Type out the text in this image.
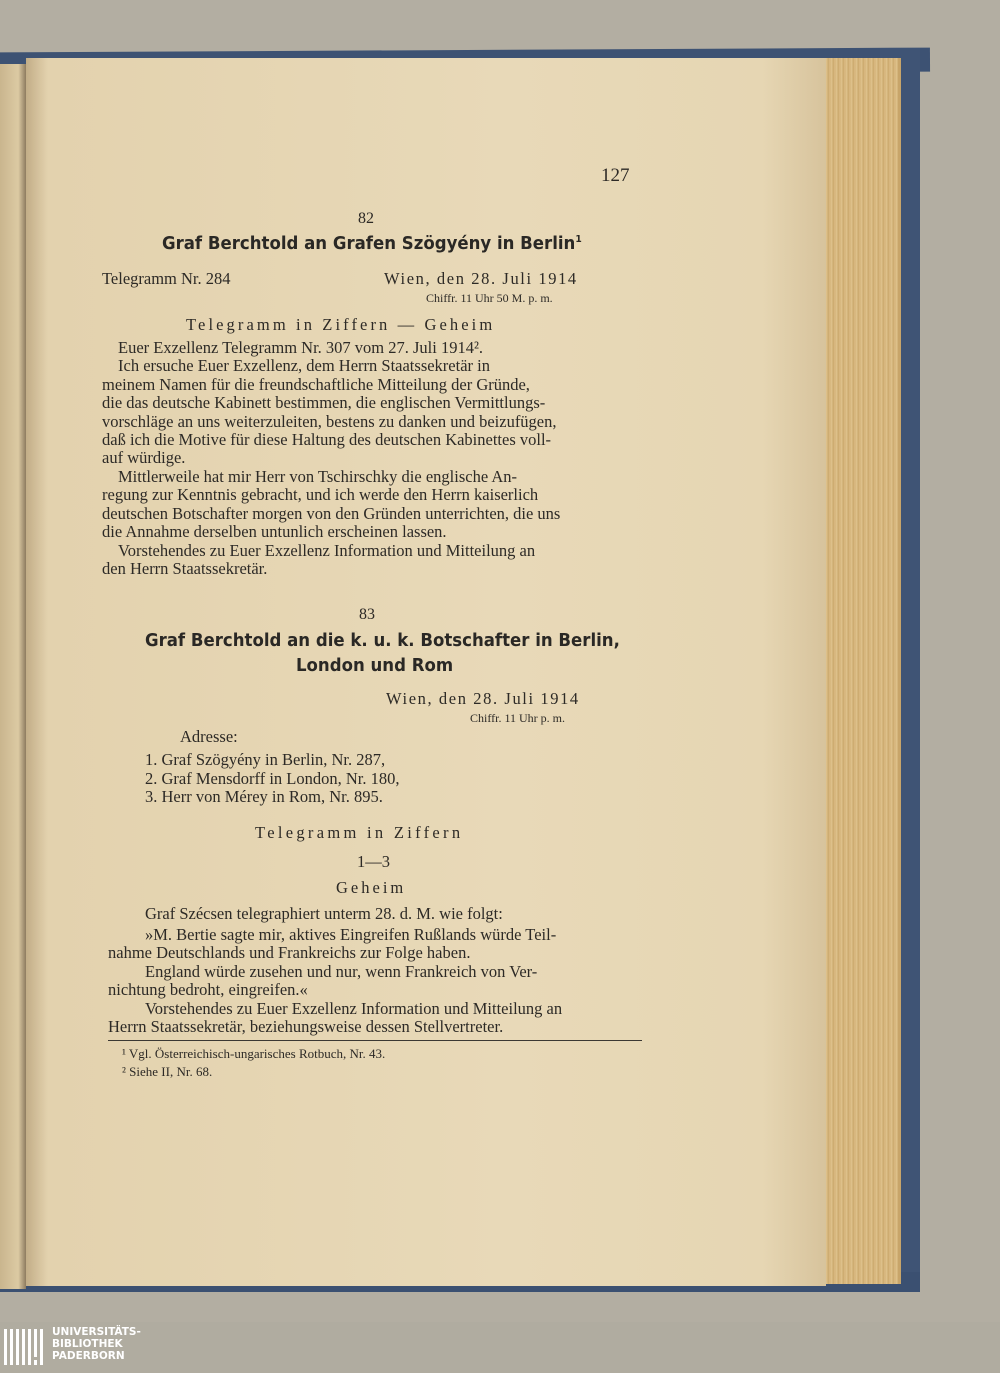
127
82
Graf Berchtold an Grafen Szögyény in Berlin$^1$
Telegramm Nr. 284	Wien, den 28. Juli 1914
Chiffr. 11 Uhr 50 M. p. m.
Telegramm in Ziffern — Geheim
Euer Exzellenz Telegramm Nr. 307 vom 27. Juli 1914².
Ich ersuche Euer Exzellenz, dem Herrn Staatssekretär in
meinem Namen für die freundschaftliche Mitteilung der Gründe,
die das deutsche Kabinett bestimmen, die englischen Vermittlungs-
vorschläge an uns weiterzuleiten, bestens zu danken und beizufügen,
daß ich die Motive für diese Haltung des deutschen Kabinettes voll-
auf würdige.
Mittlerweile hat mir Herr von Tschirschky die englische An-
regung zur Kenntnis gebracht, und ich werde den Herrn kaiserlich
deutschen Botschafter morgen von den Gründen unterrichten, die uns
die Annahme derselben untunlich erscheinen lassen.
Vorstehendes zu Euer Exzellenz Information und Mitteilung an
den Herrn Staatssekretär.
83
Graf Berchtold an die k. u. k. Botschafter in Berlin,
London und Rom
Wien, den 28. Juli 1914
Chiffr. 11 Uhr p. m.
Adresse:
1. Graf Szögyény in Berlin, Nr. 287,
2. Graf Mensdorff in London, Nr. 180,
3. Herr von Mérey in Rom, Nr. 895.
Telegramm in Ziffern
1—3
Geheim
Graf Szécsen telegraphiert unterm 28. d. M. wie folgt:
»M. Bertie sagte mir, aktives Eingreifen Rußlands würde Teil-
nahme Deutschlands und Frankreichs zur Folge haben.
England würde zusehen und nur, wenn Frankreich von Ver-
nichtung bedroht, eingreifen.«
Vorstehendes zu Euer Exzellenz Information und Mitteilung an
Herrn Staatssekretär, beziehungsweise dessen Stellvertreter.
¹ Vgl. Österreichisch-ungarisches Rotbuch, Nr. 43.
² Siehe II, Nr. 68.
UNIVERSITÄTS-
BIBLIOTHEK
PADERBORN
